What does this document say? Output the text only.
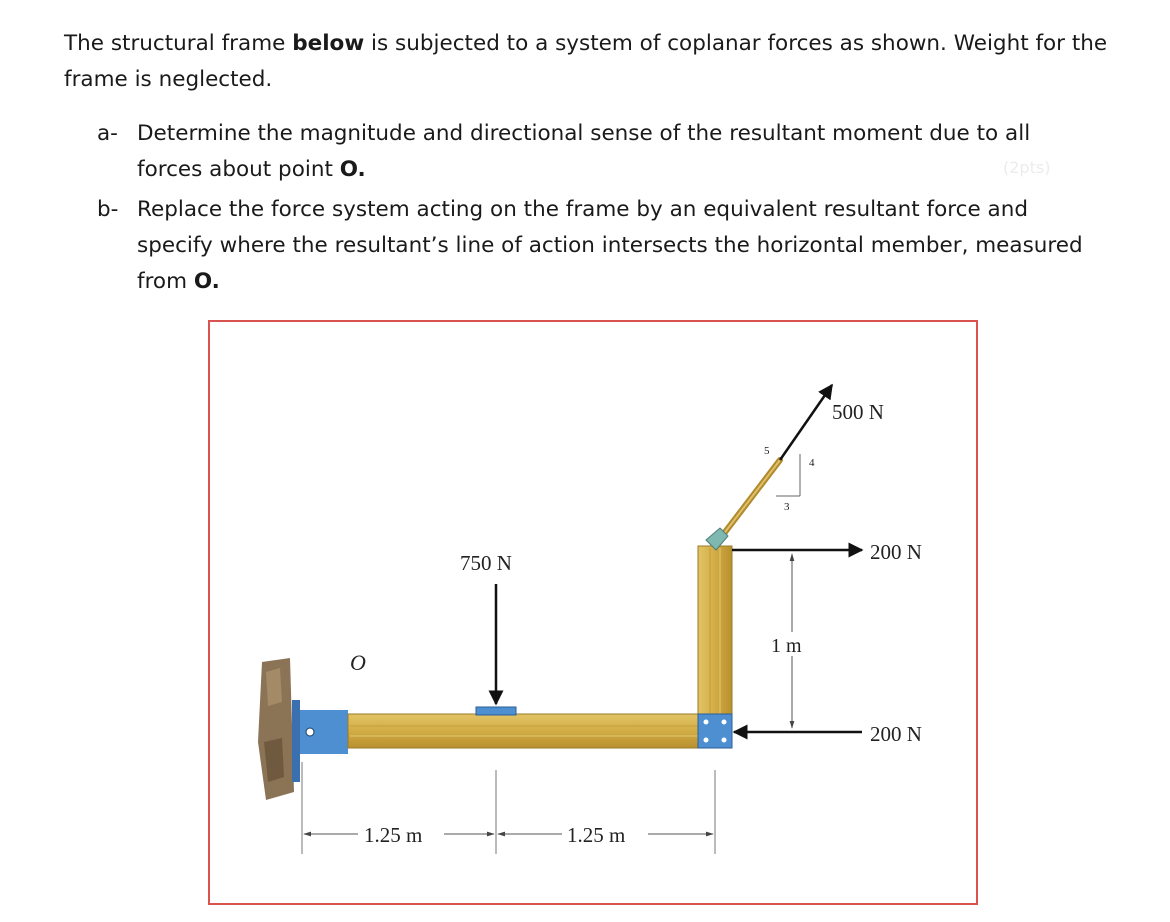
The structural frame below is subjected to a system of coplanar forces as shown. Weight for the frame is neglected.

a- Determine the magnitude and directional sense of the resultant moment due to all forces about point O.	(2pts)
b- Replace the force system acting on the frame by an equivalent resultant force and specify where the resultant’s line of action intersects the horizontal member, measured from O.
500 N
5
4
3
750 N	200 N
200 N
1 m
O
1.25 m	1.25 m
